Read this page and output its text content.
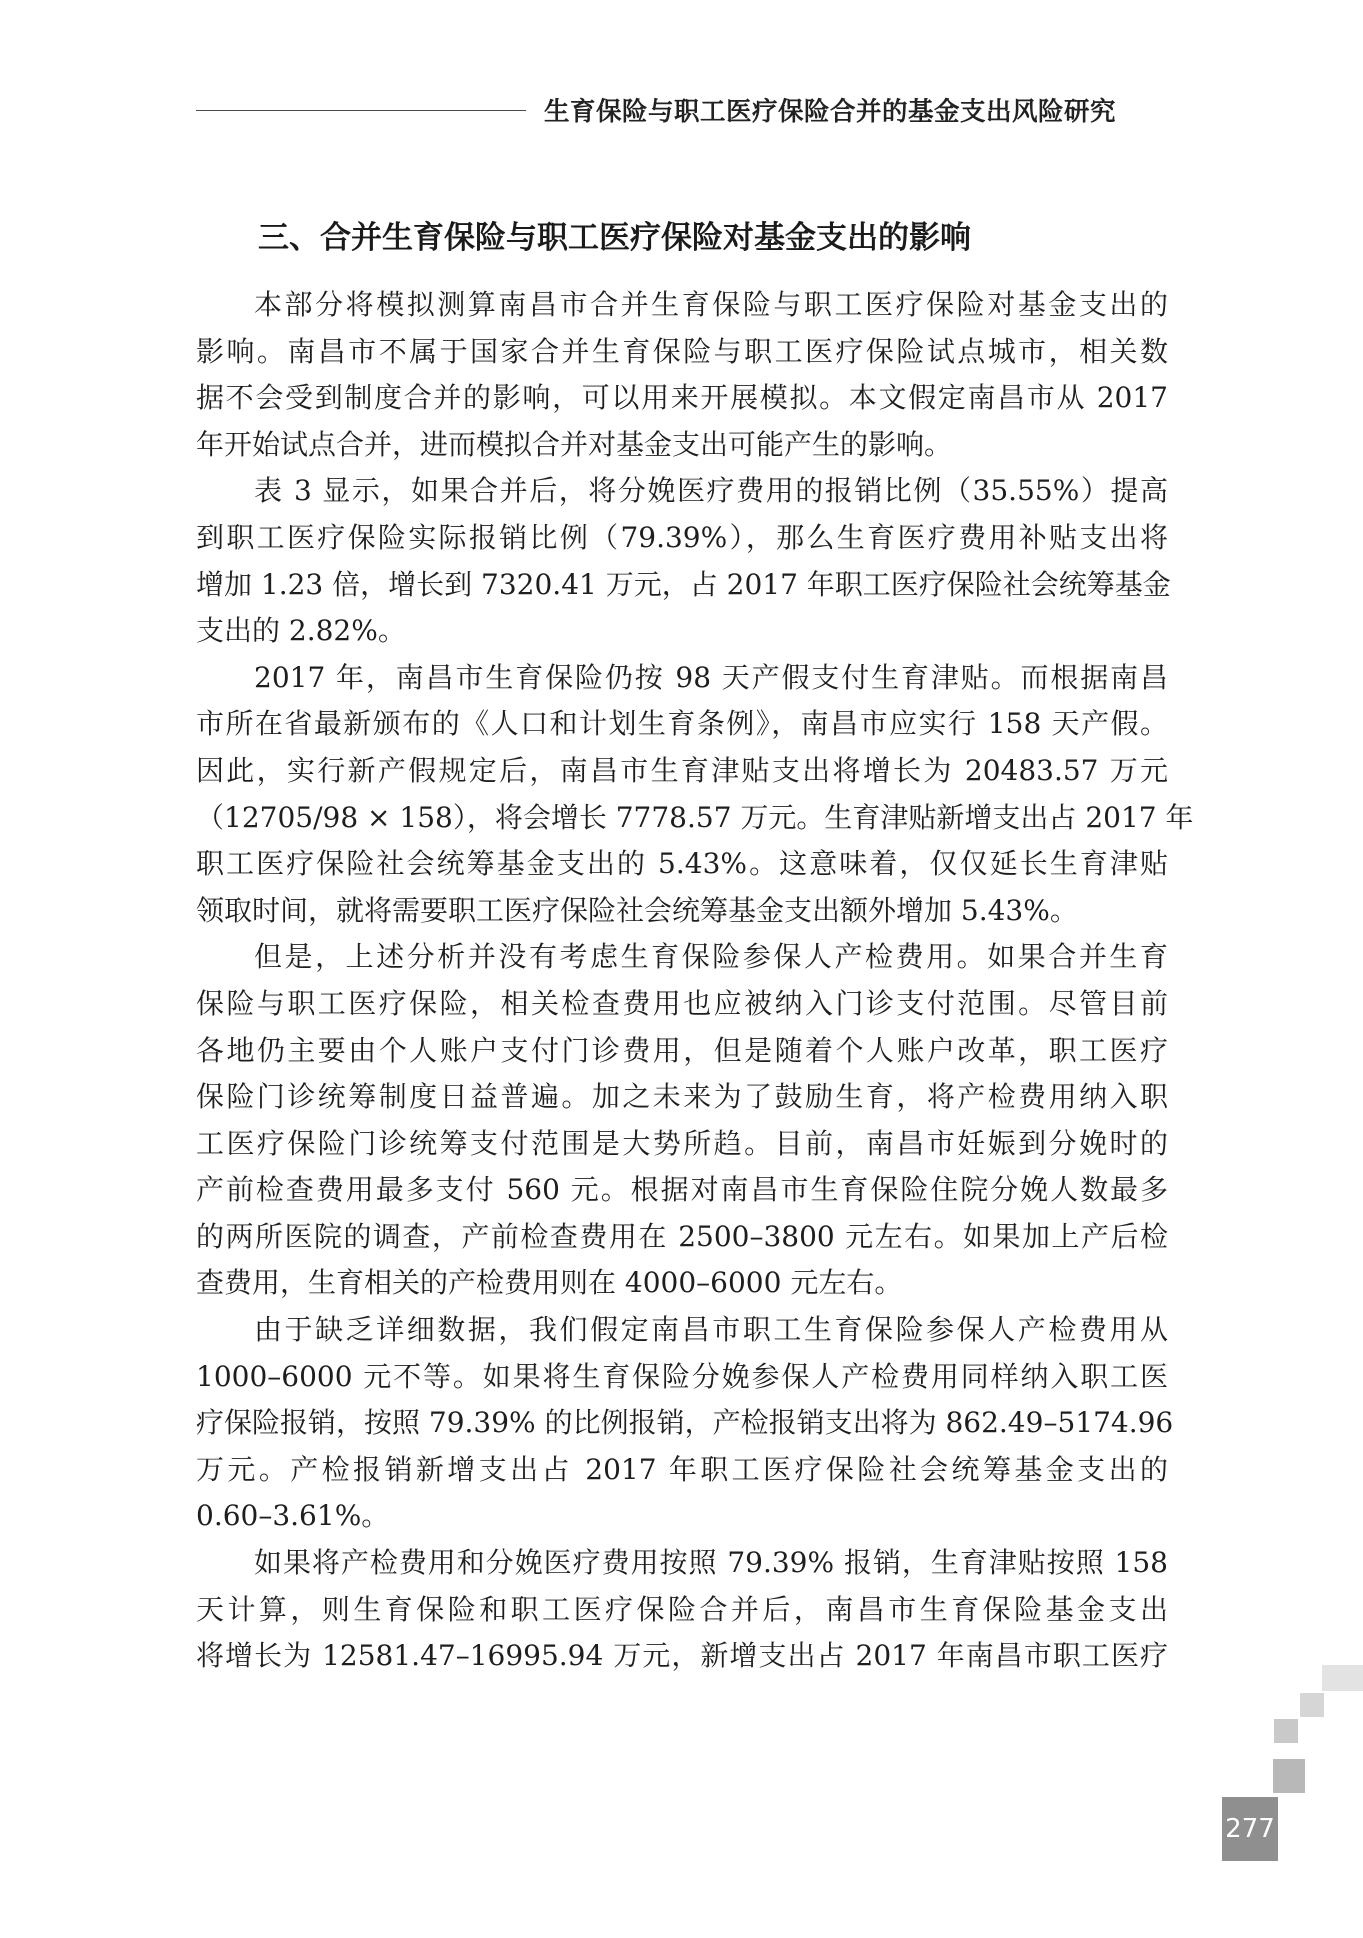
生育保险与职工医疗保险合并的基金支出风险研究
三、合并生育保险与职工医疗保险对基金支出的影响
本部分将模拟测算南昌市合并生育保险与职工医疗保险对基金支出的
影响。南昌市不属于国家合并生育保险与职工医疗保险试点城市，相关数
据不会受到制度合并的影响，可以用来开展模拟。本文假定南昌市从 2017
年开始试点合并，进而模拟合并对基金支出可能产生的影响。
表 3 显示，如果合并后，将分娩医疗费用的报销比例（35.55%）提高
到职工医疗保险实际报销比例（79.39%），那么生育医疗费用补贴支出将
增加 1.23 倍，增长到 7320.41 万元，占 2017 年职工医疗保险社会统筹基金
支出的 2.82%。
2017 年，南昌市生育保险仍按 98 天产假支付生育津贴。而根据南昌
市所在省最新颁布的《人口和计划生育条例》，南昌市应实行 158 天产假。
因此，实行新产假规定后，南昌市生育津贴支出将增长为 20483.57 万元
（12705/98 × 158），将会增长 7778.57 万元。生育津贴新增支出占 2017 年
职工医疗保险社会统筹基金支出的 5.43%。这意味着，仅仅延长生育津贴
领取时间，就将需要职工医疗保险社会统筹基金支出额外增加 5.43%。
但是，上述分析并没有考虑生育保险参保人产检费用。如果合并生育
保险与职工医疗保险，相关检查费用也应被纳入门诊支付范围。尽管目前
各地仍主要由个人账户支付门诊费用，但是随着个人账户改革，职工医疗
保险门诊统筹制度日益普遍。加之未来为了鼓励生育，将产检费用纳入职
工医疗保险门诊统筹支付范围是大势所趋。目前，南昌市妊娠到分娩时的
产前检查费用最多支付 560 元。根据对南昌市生育保险住院分娩人数最多
的两所医院的调查，产前检查费用在 2500–3800 元左右。如果加上产后检
查费用，生育相关的产检费用则在 4000–6000 元左右。
由于缺乏详细数据，我们假定南昌市职工生育保险参保人产检费用从
1000–6000 元不等。如果将生育保险分娩参保人产检费用同样纳入职工医
疗保险报销，按照 79.39% 的比例报销，产检报销支出将为 862.49–5174.96
万元。产检报销新增支出占 2017 年职工医疗保险社会统筹基金支出的
0.60–3.61%。
如果将产检费用和分娩医疗费用按照 79.39% 报销，生育津贴按照 158
天计算，则生育保险和职工医疗保险合并后，南昌市生育保险基金支出
将增长为 12581.47–16995.94 万元，新增支出占 2017 年南昌市职工医疗
277
